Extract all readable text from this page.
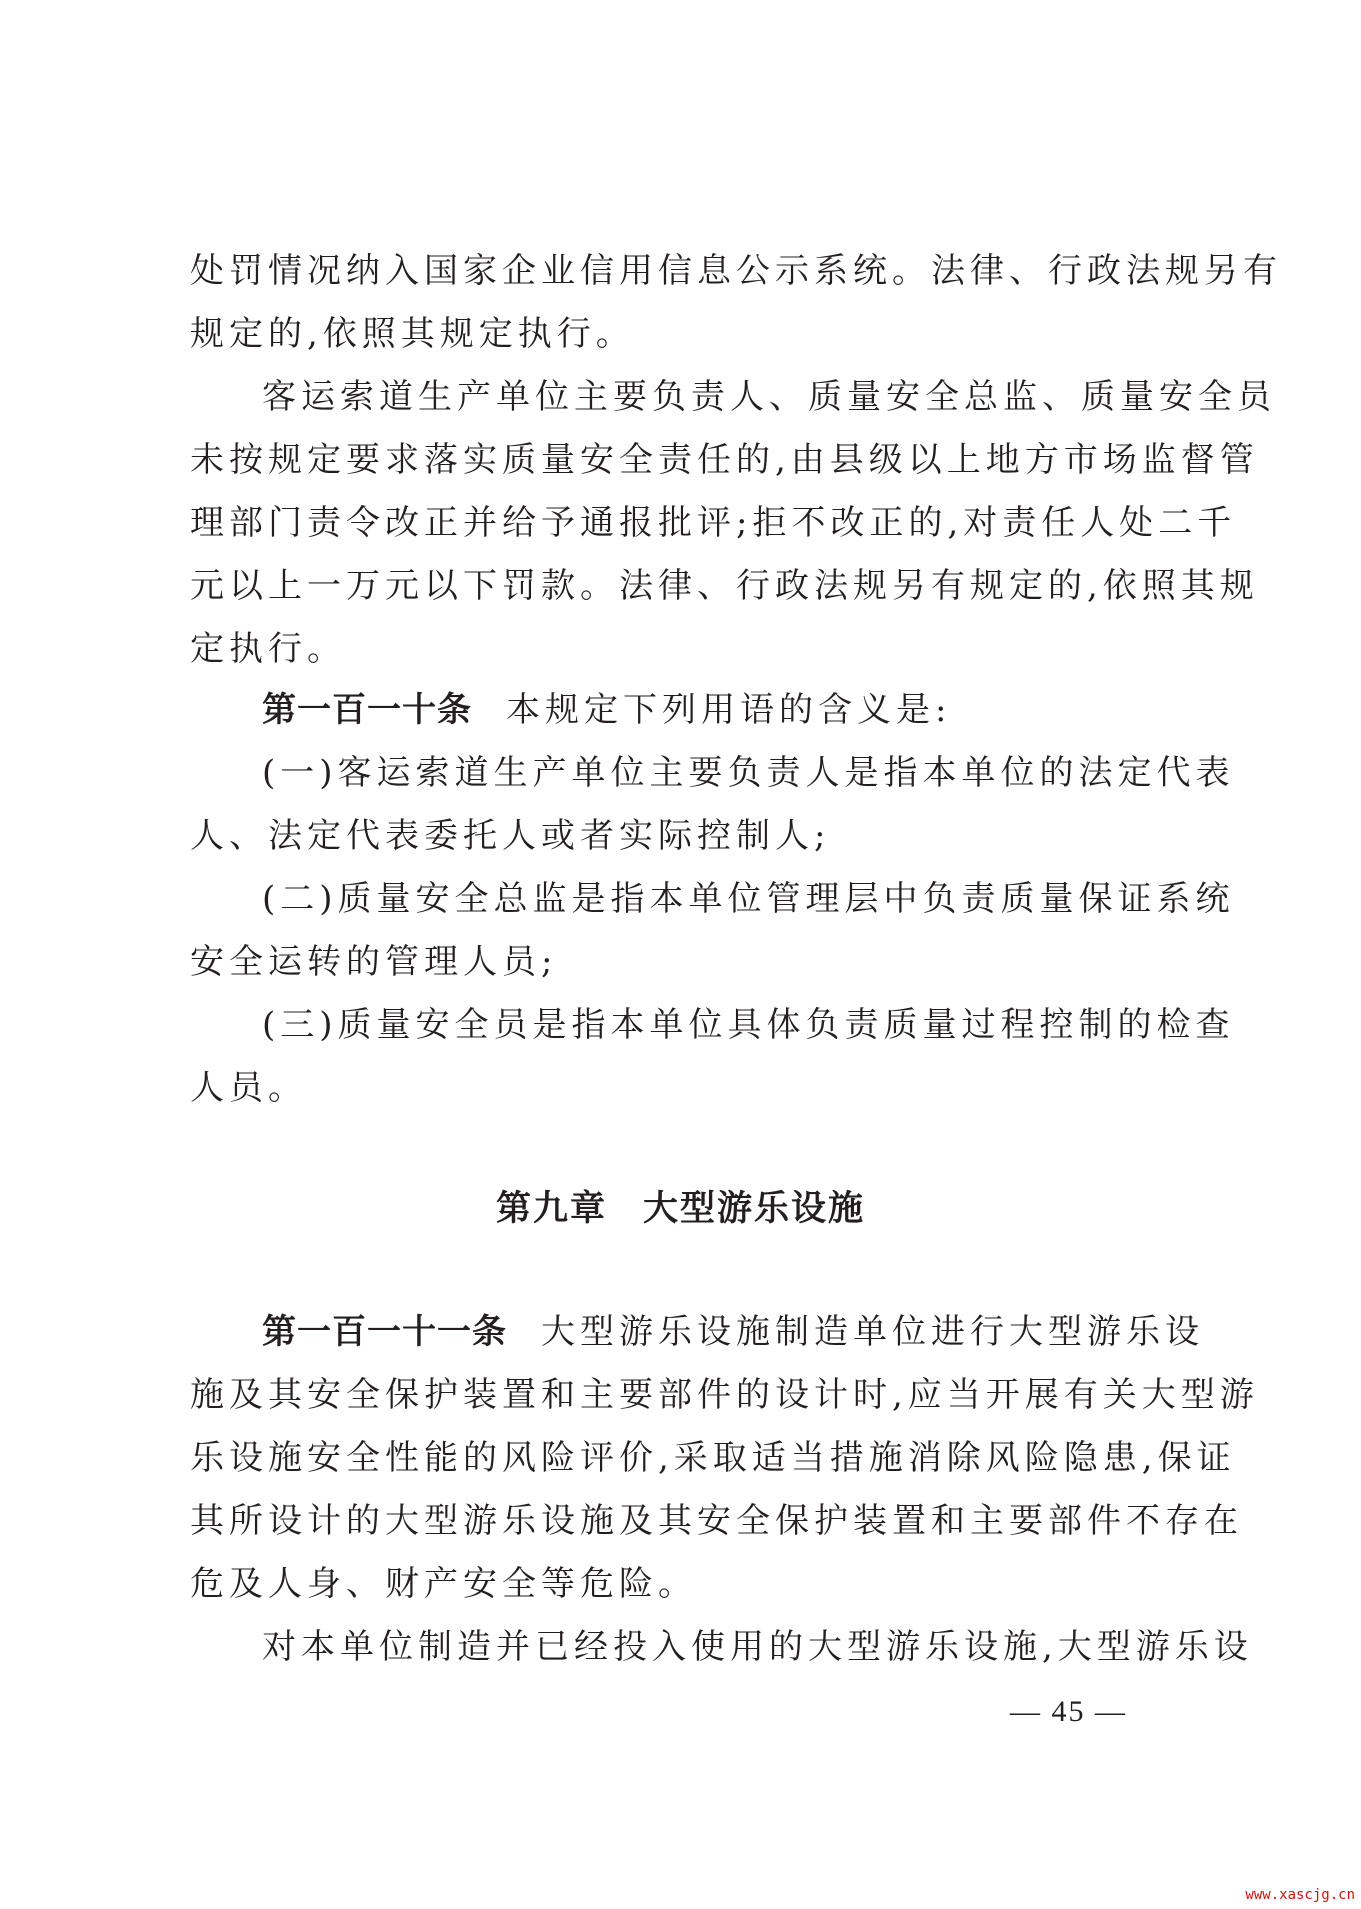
处罚情况纳入国家企业信用信息公示系统。法律、行政法规另有
规定的,依照其规定执行。
客运索道生产单位主要负责人、质量安全总监、质量安全员
未按规定要求落实质量安全责任的,由县级以上地方市场监督管
理部门责令改正并给予通报批评;拒不改正的,对责任人处二千
元以上一万元以下罚款。法律、行政法规另有规定的,依照其规
定执行。
第一百一十条 本规定下列用语的含义是:
(一)客运索道生产单位主要负责人是指本单位的法定代表
人、法定代表委托人或者实际控制人;
(二)质量安全总监是指本单位管理层中负责质量保证系统
安全运转的管理人员;
(三)质量安全员是指本单位具体负责质量过程控制的检查
人员。
第九章 大型游乐设施
第一百一十一条 大型游乐设施制造单位进行大型游乐设
施及其安全保护装置和主要部件的设计时,应当开展有关大型游
乐设施安全性能的风险评价,采取适当措施消除风险隐患,保证
其所设计的大型游乐设施及其安全保护装置和主要部件不存在
危及人身、财产安全等危险。
对本单位制造并已经投入使用的大型游乐设施,大型游乐设
— 45 —
www.xascjg.cn
